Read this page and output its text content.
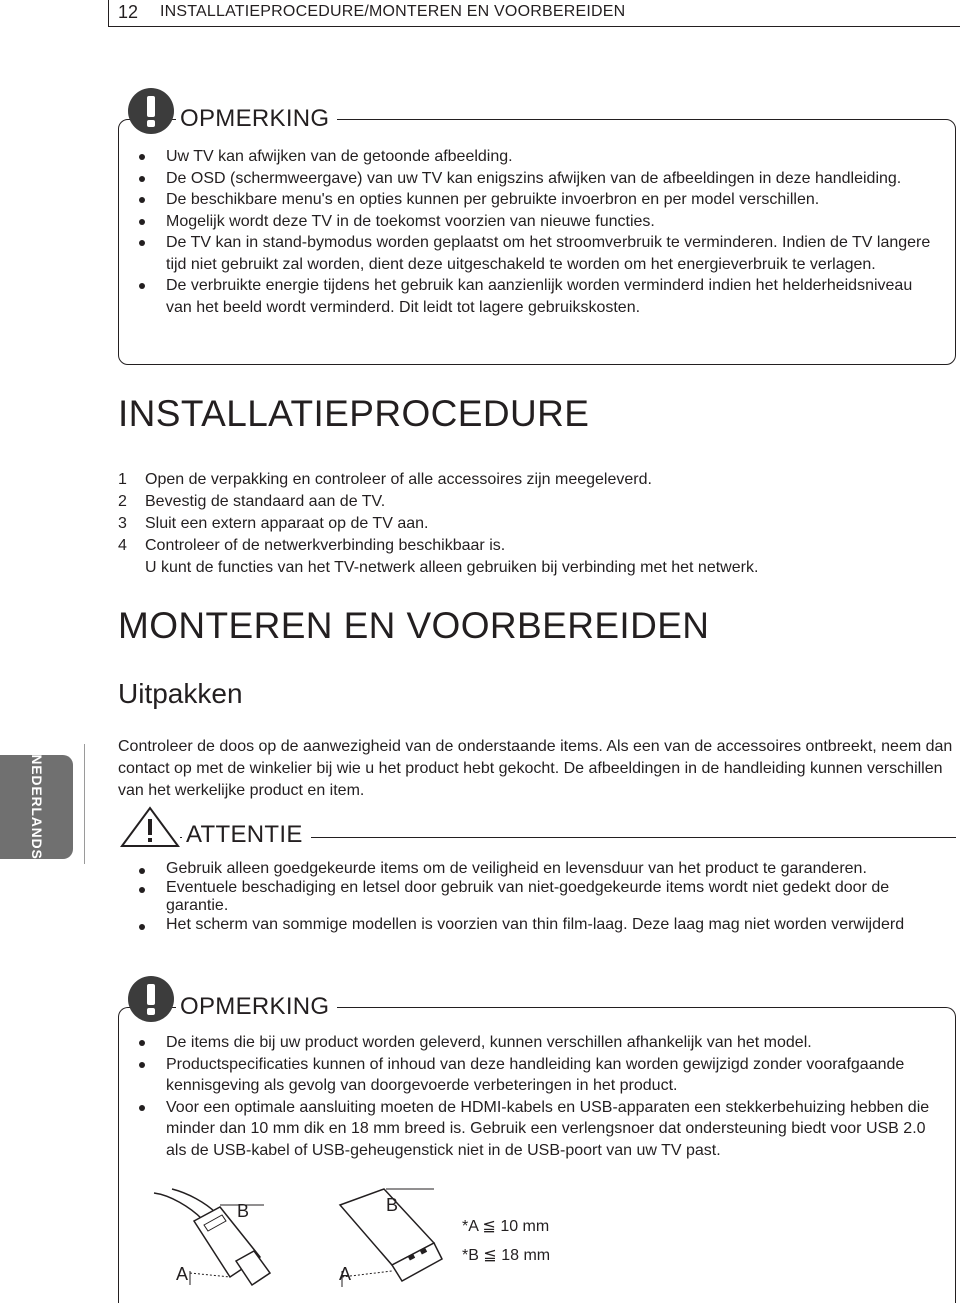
12 INSTALLATIEPROCEDURE/MONTEREN EN VOORBEREIDEN
OPMERKING
Uw TV kan afwijken van de getoonde afbeelding.
De OSD (schermweergave) van uw TV kan enigszins afwijken van de afbeeldingen in deze handleiding.
De beschikbare menu's en opties kunnen per gebruikte invoerbron en per model verschillen.
Mogelijk wordt deze TV in de toekomst voorzien van nieuwe functies.
De TV kan in stand-bymodus worden geplaatst om het stroomverbruik te verminderen. Indien de TV langere tijd niet gebruikt zal worden, dient deze uitgeschakeld te worden om het energieverbruik te verlagen.
De verbruikte energie tijdens het gebruik kan aanzienlijk worden verminderd indien het helderheidsniveau van het beeld wordt verminderd. Dit leidt tot lagere gebruikskosten.
INSTALLATIEPROCEDURE
1 Open de verpakking en controleer of alle accessoires zijn meegeleverd.
2 Bevestig de standaard aan de TV.
3 Sluit een extern apparaat op de TV aan.
4 Controleer of de netwerkverbinding beschikbaar is.
U kunt de functies van het TV-netwerk alleen gebruiken bij verbinding met het netwerk.
MONTEREN EN VOORBEREIDEN
Uitpakken
Controleer de doos op de aanwezigheid van de onderstaande items. Als een van de accessoires ontbreekt, neem dan contact op met de winkelier bij wie u het product hebt gekocht. De afbeeldingen in de handleiding kunnen verschillen van het werkelijke product en item.
NEDERLANDS	ATTENTIE
Gebruik alleen goedgekeurde items om de veiligheid en levensduur van het product te garanderen.
Eventuele beschadiging en letsel door gebruik van niet-goedgekeurde items wordt niet gedekt door de garantie.
Het scherm van sommige modellen is voorzien van thin film-laag. Deze laag mag niet worden verwijderd
OPMERKING
De items die bij uw product worden geleverd, kunnen verschillen afhankelijk van het model.
Productspecificaties kunnen of inhoud van deze handleiding kan worden gewijzigd zonder voorafgaande kennisgeving als gevolg van doorgevoerde verbeteringen in het product.
Voor een optimale aansluiting moeten de HDMI-kabels en USB-apparaten een stekkerbehuizing hebben die minder dan 10 mm dik en 18 mm breed is. Gebruik een verlengsnoer dat ondersteuning biedt voor USB 2.0 als de USB-kabel of USB-geheugenstick niet in de USB-poort van uw TV past.
A
B
A
B
*A ≦ 10 mm
*B ≦ 18 mm
